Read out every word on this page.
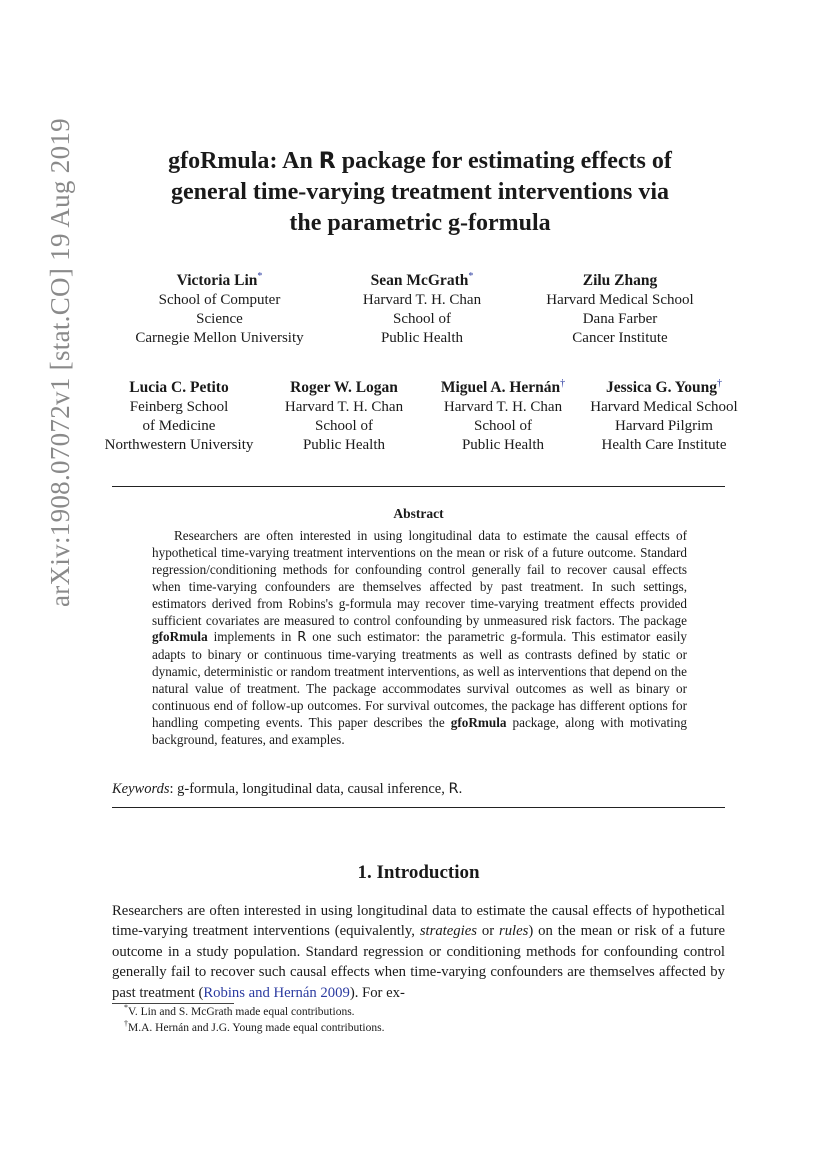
arXiv:1908.07072v1 [stat.CO] 19 Aug 2019	gfoRmula: An R package for estimating effects of
general time-varying treatment interventions via
the parametric g-formula
Victoria Lin*
School of Computer
Science
Carnegie Mellon University
Sean McGrath*
Harvard T. H. Chan
School of
Public Health
Zilu Zhang
Harvard Medical School
Dana Farber
Cancer Institute
Lucia C. Petito
Feinberg School
of Medicine
Northwestern University
Roger W. Logan
Harvard T. H. Chan
School of
Public Health
Miguel A. Hernán†
Harvard T. H. Chan
School of
Public Health
Jessica G. Young†
Harvard Medical School
Harvard Pilgrim
Health Care Institute
Abstract
Researchers are often interested in using longitudinal data to estimate the causal effects of hypothetical time-varying treatment interventions on the mean or risk of a future outcome. Standard regression/conditioning methods for confounding control generally fail to recover causal effects when time-varying confounders are themselves affected by past treatment. In such settings, estimators derived from Robins's g-formula may recover time-varying treatment effects provided sufficient covariates are measured to control confounding by unmeasured risk factors. The package gfoRmula implements in R one such estimator: the parametric g-formula. This estimator easily adapts to binary or continuous time-varying treatments as well as contrasts defined by static or dynamic, deterministic or random treatment interventions, as well as interventions that depend on the natural value of treatment. The package accommodates survival outcomes as well as binary or continuous end of follow-up outcomes. For survival outcomes, the package has different options for handling competing events. This paper describes the gfoRmula package, along with motivating background, features, and examples.
Keywords: g-formula, longitudinal data, causal inference, R.
1. Introduction
Researchers are often interested in using longitudinal data to estimate the causal effects of hypothetical time-varying treatment interventions (equivalently, strategies or rules) on the mean or risk of a future outcome in a study population. Standard regression or conditioning methods for confounding control generally fail to recover such causal effects when time-varying confounders are themselves affected by past treatment (Robins and Hernán 2009). For ex-
*V. Lin and S. McGrath made equal contributions.
†M.A. Hernán and J.G. Young made equal contributions.
